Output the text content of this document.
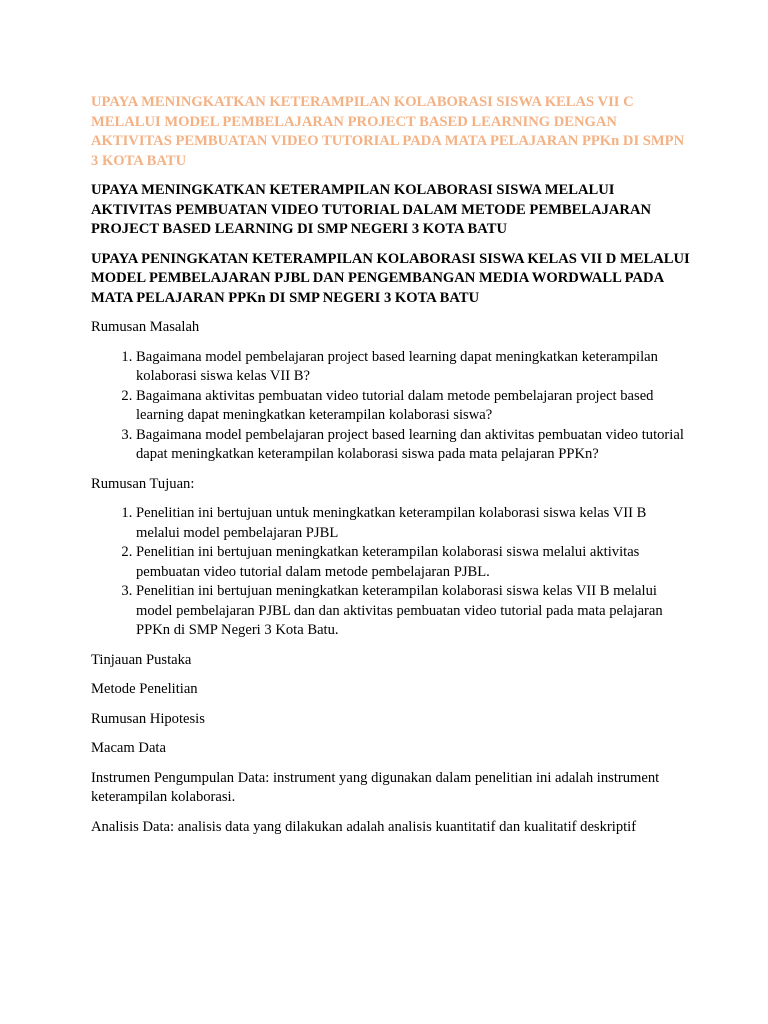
UPAYA MENINGKATKAN KETERAMPILAN KOLABORASI SISWA KELAS VII C MELALUI MODEL PEMBELAJARAN PROJECT BASED LEARNING DENGAN AKTIVITAS PEMBUATAN VIDEO TUTORIAL PADA MATA PELAJARAN PPKn DI SMPN 3 KOTA BATU

UPAYA MENINGKATKAN KETERAMPILAN KOLABORASI SISWA MELALUI AKTIVITAS PEMBUATAN VIDEO TUTORIAL DALAM METODE PEMBELAJARAN PROJECT BASED LEARNING DI SMP NEGERI 3 KOTA BATU

UPAYA PENINGKATAN KETERAMPILAN KOLABORASI SISWA KELAS VII D MELALUI MODEL PEMBELAJARAN PJBL DAN PENGEMBANGAN MEDIA WORDWALL PADA MATA PELAJARAN PPKn DI SMP NEGERI 3 KOTA BATU

Rumusan Masalah

1. Bagaimana model pembelajaran project based learning dapat meningkatkan keterampilan kolaborasi siswa kelas VII B?
2. Bagaimana aktivitas pembuatan video tutorial dalam metode pembelajaran project based learning dapat meningkatkan keterampilan kolaborasi siswa?
3. Bagaimana model pembelajaran project based learning dan aktivitas pembuatan video tutorial dapat meningkatkan keterampilan kolaborasi siswa pada mata pelajaran PPKn?

Rumusan Tujuan:

1. Penelitian ini bertujuan untuk meningkatkan keterampilan kolaborasi siswa kelas VII B melalui model pembelajaran PJBL
2. Penelitian ini bertujuan meningkatkan keterampilan kolaborasi siswa melalui aktivitas pembuatan video tutorial dalam metode pembelajaran PJBL.
3. Penelitian ini bertujuan meningkatkan keterampilan kolaborasi siswa kelas VII B melalui model pembelajaran PJBL dan dan aktivitas pembuatan video tutorial pada mata pelajaran PPKn di SMP Negeri 3 Kota Batu.

Tinjauan Pustaka

Metode Penelitian

Rumusan Hipotesis

Macam Data

Instrumen Pengumpulan Data: instrument yang digunakan dalam penelitian ini adalah instrument keterampilan kolaborasi.

Analisis Data: analisis data yang dilakukan adalah analisis kuantitatif dan kualitatif deskriptif
